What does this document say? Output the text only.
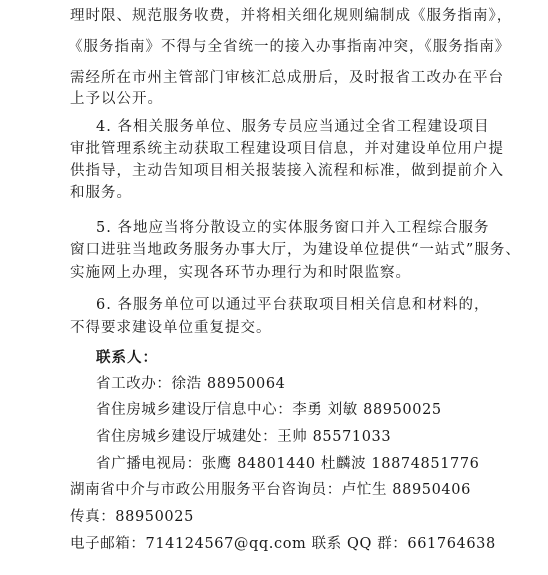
理时限、规范服务收费，并将相关细化规则编制成《服务指南》，
《服务指南》不得与全省统一的接入办事指南冲突，《服务指南》
需经所在市州主管部门审核汇总成册后，及时报省工改办在平台
上予以公开。
4. 各相关服务单位、服务专员应当通过全省工程建设项目
审批管理系统主动获取工程建设项目信息，并对建设单位用户提
供指导，主动告知项目相关报装接入流程和标准，做到提前介入
和服务。
5. 各地应当将分散设立的实体服务窗口并入工程综合服务
窗口进驻当地政务服务办事大厅，为建设单位提供“一站式”服务、
实施网上办理，实现各环节办理行为和时限监察。
6. 各服务单位可以通过平台获取项目相关信息和材料的，
不得要求建设单位重复提交。
联系人：
省工改办：徐浩 88950064
省住房城乡建设厅信息中心：李勇 刘敏 88950025
省住房城乡建设厅城建处：王帅 85571033
省广播电视局：张鹰 84801440 杜麟波 18874851776
湖南省中介与市政公用服务平台咨询员：卢忙生 88950406
传真：88950025
电子邮箱：714124567@qq.com 联系 QQ 群：661764638
